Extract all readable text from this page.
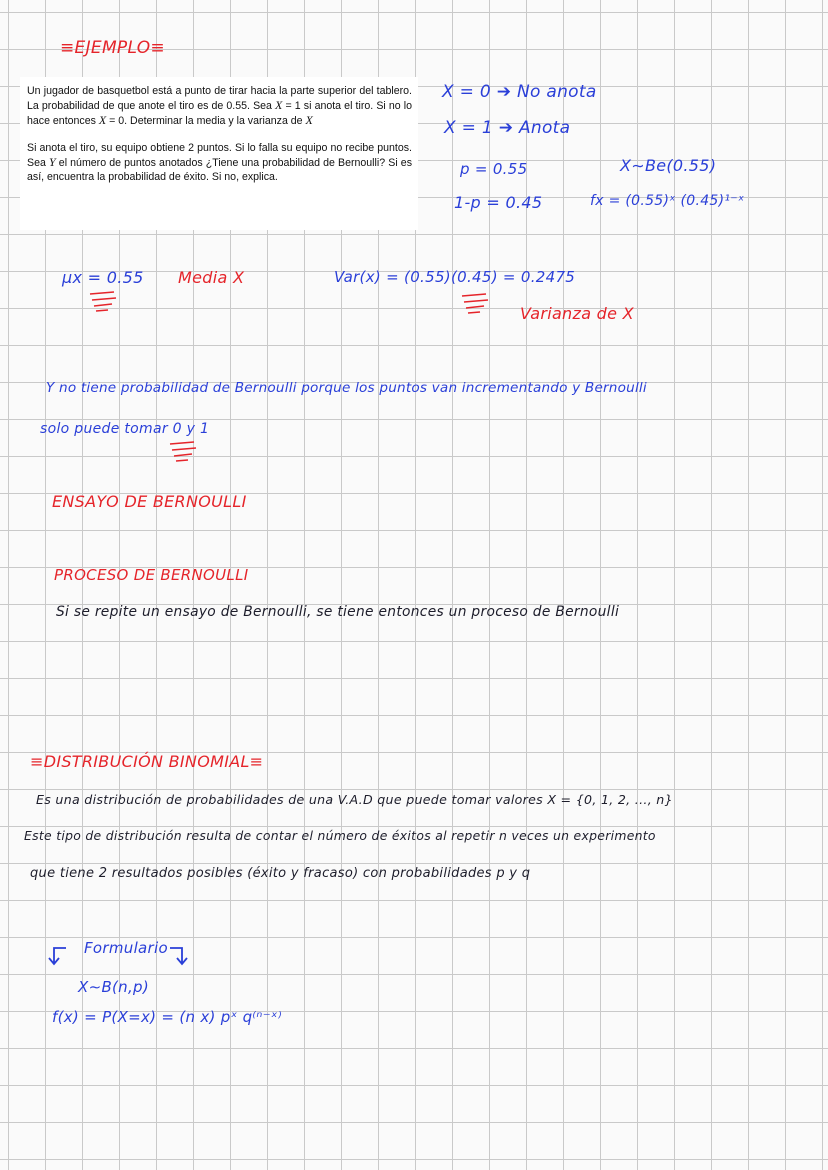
≡EJEMPLO≡

Un jugador de basquetbol está a punto de tirar hacia la parte superior del tablero. La probabilidad de que anote el tiro es de 0.55. Sea X = 1 si anota el tiro. Si no lo hace entonces X = 0. Determinar la media y la varianza de X

Si anota el tiro, su equipo obtiene 2 puntos. Si lo falla su equipo no recibe puntos. Sea Y el número de puntos anotados ¿Tiene una probabilidad de Bernoulli? Si es así, encuentra la probabilidad de éxito. Si no, explica.

X = 0 ➔ No anota
X = 1 ➔ Anota
p = 0.55
1-p = 0.45
X∼Be(0.55)
fx = (0.55)ˣ (0.45)¹⁻ˣ
μx = 0.55 Media X	Var(x) = (0.55)(0.45) = 0.2475
Varianza de X
Y no tiene probabilidad de Bernoulli porque los puntos van incrementando y Bernoulli
solo puede tomar 0 y 1
ENSAYO DE BERNOULLI
PROCESO DE BERNOULLI
Si se repite un ensayo de Bernoulli, se tiene entonces un proceso de Bernoulli
≡DISTRIBUCIÓN BINOMIAL≡
Es una distribución de probabilidades de una V.A.D que puede tomar valores X = {0, 1, 2, ..., n}
Este tipo de distribución resulta de contar el número de éxitos al repetir n veces un experimento
que tiene 2 resultados posibles (éxito y fracaso) con probabilidades p y q
Formulario
X∼B(n,p)
f(x) = P(X=x) = (n x) pˣ q⁽ⁿ⁻ˣ⁾
